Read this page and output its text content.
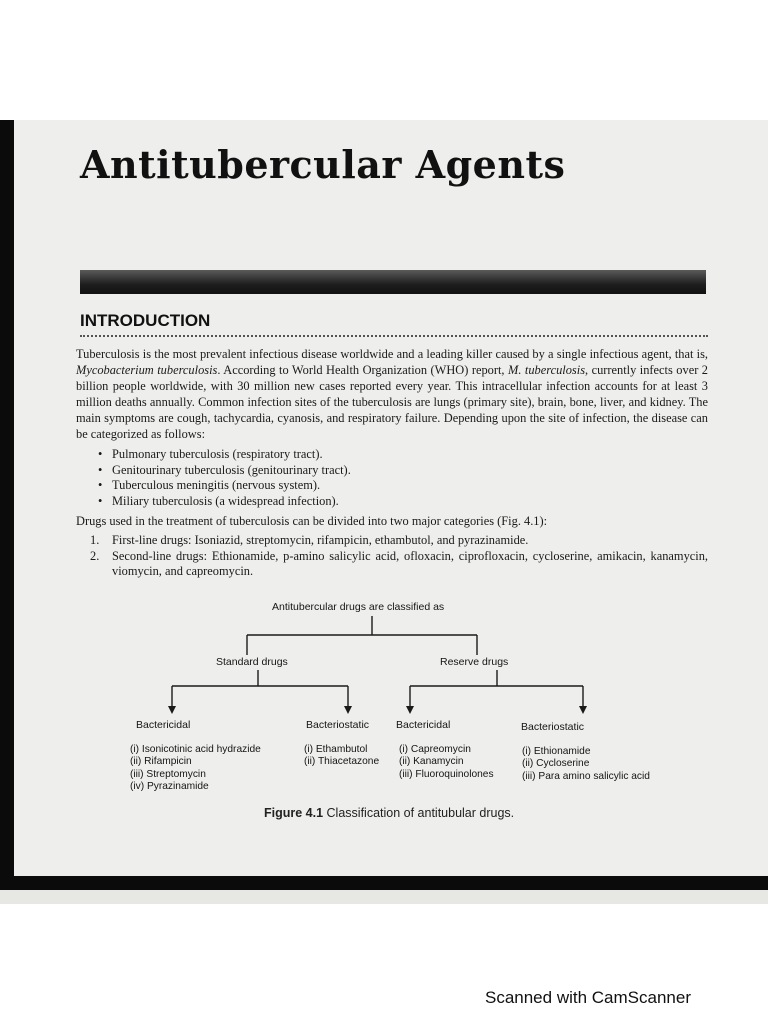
Antitubercular Agents
INTRODUCTION

Tuberculosis is the most prevalent infectious disease worldwide and a leading killer caused by a single infectious agent, that is, Mycobacterium tuberculosis. According to World Health Organization (WHO) report, M. tuberculosis, currently infects over 2 billion people worldwide, with 30 million new cases reported every year. This intracellular infection accounts for at least 3 million deaths annually. Common infection sites of the tuberculosis are lungs (primary site), brain, bone, liver, and kidney. The main symptoms are cough, tachycardia, cyanosis, and respiratory failure. Depending upon the site of infection, the disease can be categorized as follows:

• Pulmonary tuberculosis (respiratory tract).
• Genitourinary tuberculosis (genitourinary tract).
• Tuberculous meningitis (nervous system).
• Miliary tuberculosis (a widespread infection).

Drugs used in the treatment of tuberculosis can be divided into two major categories (Fig. 4.1):

1. First-line drugs: Isoniazid, streptomycin, rifampicin, ethambutol, and pyrazinamide.
2. Second-line drugs: Ethionamide, p-amino salicylic acid, ofloxacin, ciprofloxacin, cycloserine, amikacin, kanamycin, viomycin, and capreomycin.
Antitubercular drugs are classified as
Standard drugs	Reserve drugs
Bactericidal	Bacteriostatic	Bactericidal	Bacteriostatic
(i) Isonicotinic acid hydrazide
(ii) Rifampicin
(iii) Streptomycin
(iv) Pyrazinamide
(i) Ethambutol
(ii) Thiacetazone
(i) Capreomycin
(ii) Kanamycin
(iii) Fluoroquinolones
(i) Ethionamide
(ii) Cycloserine
(iii) Para amino salicylic acid
Figure 4.1 Classification of antitubular drugs.
Scanned with CamScanner
